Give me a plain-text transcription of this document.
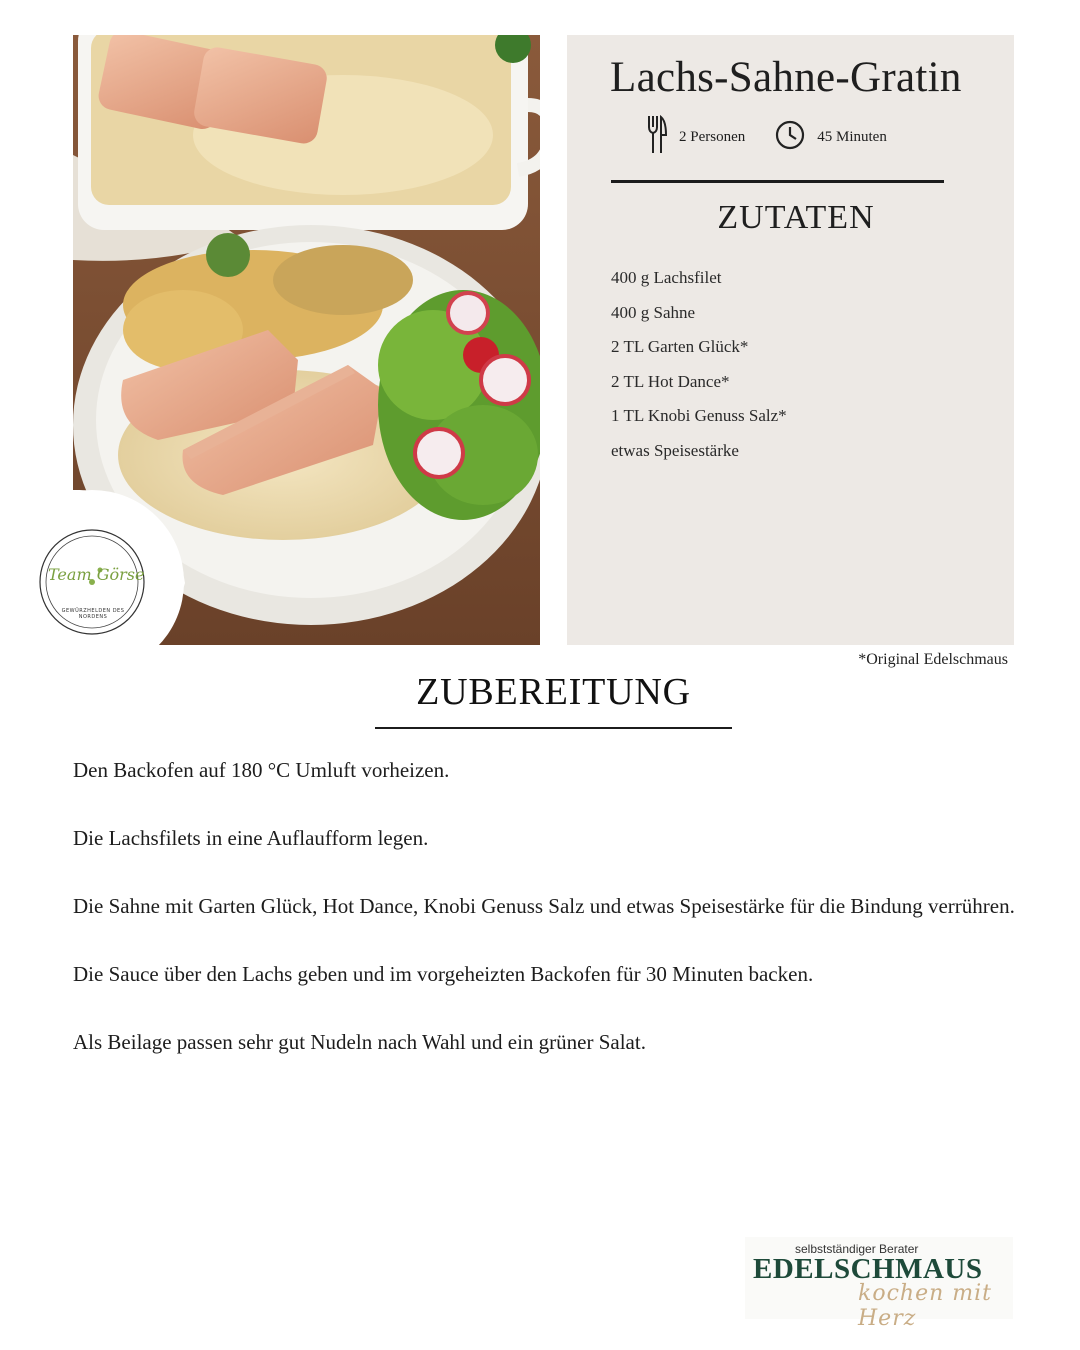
Team Görse
GEWÜRZHELDEN DES NORDENS
Lachs-Sahne-Gratin
2 Personen	45 Minuten
ZUTATEN
400 g Lachsfilet
400 g Sahne
2 TL Garten Glück*
2 TL Hot Dance*
1 TL Knobi Genuss Salz*
etwas Speisestärke
*Original Edelschmaus
ZUBEREITUNG
Den Backofen auf 180 °C Umluft vorheizen.
Die Lachsfilets in eine Auflaufform legen.
Die Sahne mit Garten Glück, Hot Dance, Knobi Genuss Salz und etwas Speisestärke für die Bindung verrühren.
Die Sauce über den Lachs geben und im vorgeheizten Backofen für 30 Minuten backen.
Als Beilage passen sehr gut Nudeln nach Wahl und ein grüner Salat.
selbstständiger Berater
EDELSCHMAUS
kochen mit Herz
